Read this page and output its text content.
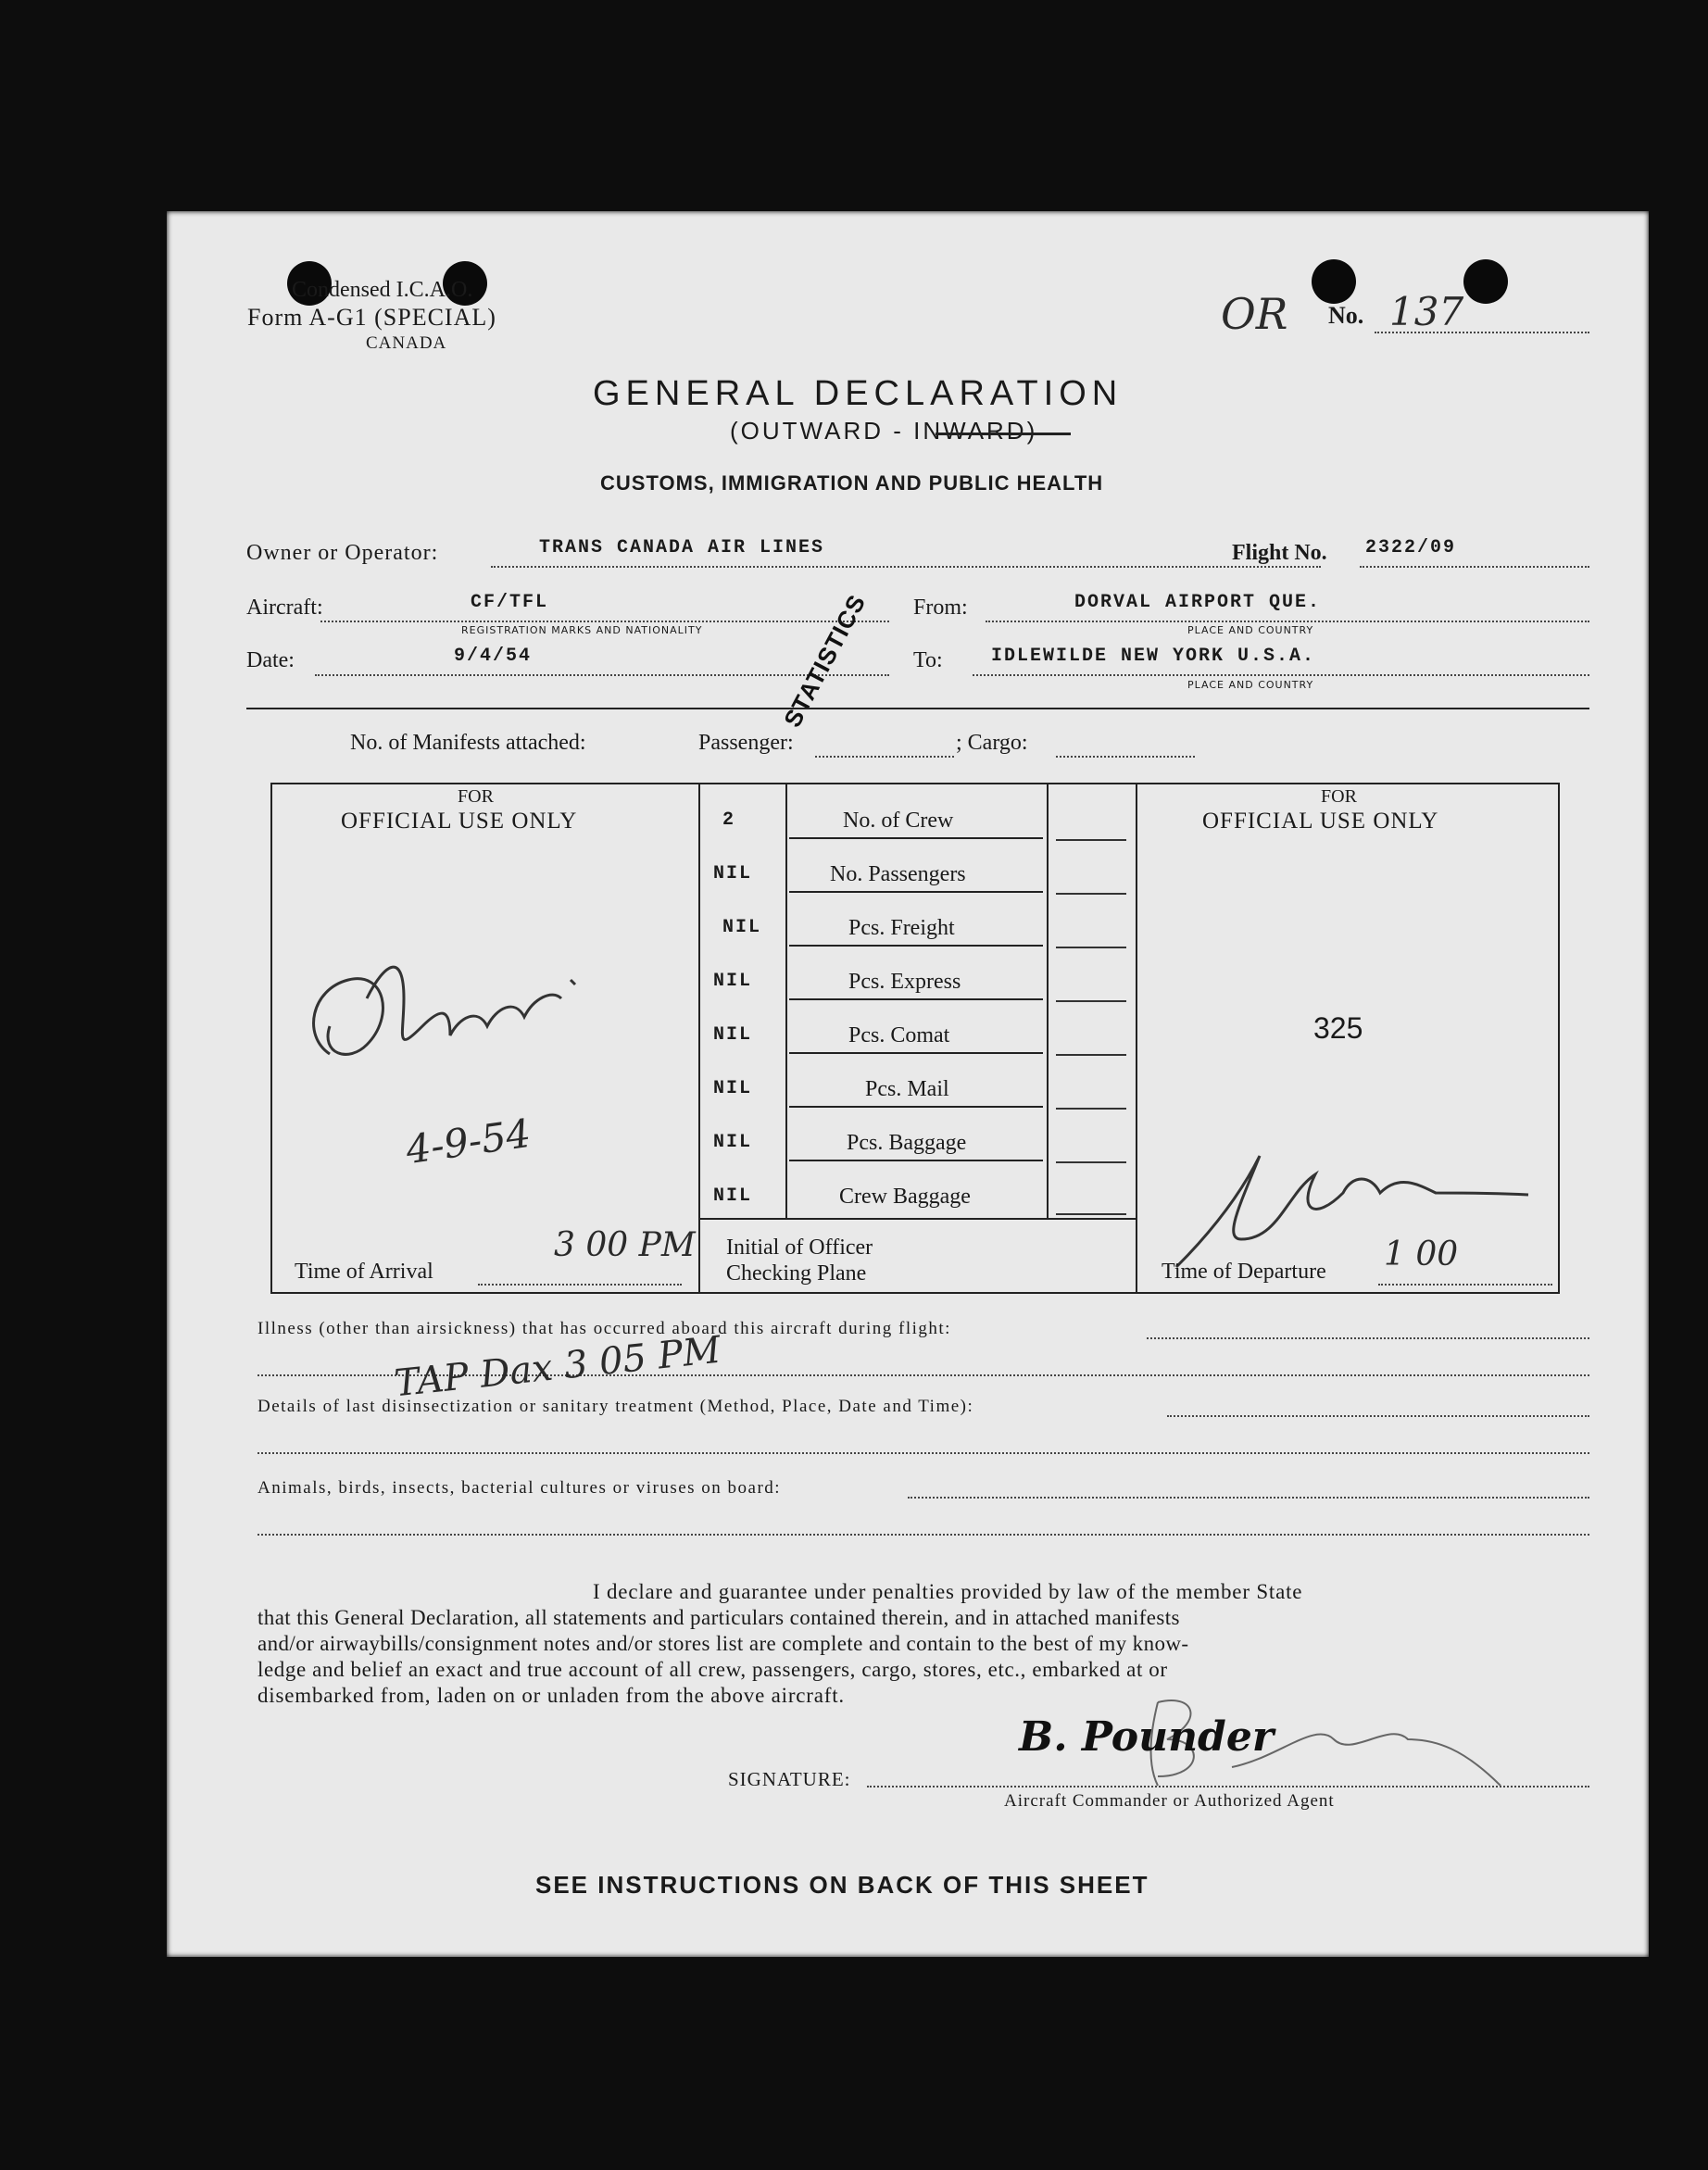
Condensed I.C.A.O.
Form A-G1 (SPECIAL)
CANADA
OR No. 137
GENERAL DECLARATION
(OUTWARD - INWARD)
CUSTOMS, IMMIGRATION AND PUBLIC HEALTH
Owner or Operator:	TRANS CANADA AIR LINES	Flight No. 2322/09
Aircraft:	CF/TFL
REGISTRATION MARKS AND NATIONALITY
From:	DORVAL AIRPORT QUE.
PLACE AND COUNTRY
Date:	9/4/54	To:	IDLEWILDE NEW YORK U.S.A.
PLACE AND COUNTRY
STATISTICS
No. of Manifests attached:	Passenger:	; Cargo:
FOR
OFFICIAL USE ONLY
FOR
OFFICIAL USE ONLY
2	No. of Crew
NIL	No. Passengers
NIL	Pcs. Freight
NIL	Pcs. Express
NIL	Pcs. Comat
NIL	Pcs. Mail
NIL	Pcs. Baggage
NIL	Crew Baggage
4-9-54
Time of Arrival
3 00 PM Initial of Officer
Checking Plane
325
Time of Departure 1 00
Illness (other than airsickness) that has occurred aboard this aircraft during flight:
TAP Dax 3 05 PM
Details of last disinsectization or sanitary treatment (Method, Place, Date and Time):
Animals, birds, insects, bacterial cultures or viruses on board:
I declare and guarantee under penalties provided by law of the member State
that this General Declaration, all statements and particulars contained therein, and in attached manifests
and/or airwaybills/consignment notes and/or stores list are complete and contain to the best of my know-
ledge and belief an exact and true account of all crew, passengers, cargo, stores, etc., embarked at or
disembarked from, laden on or unladen from the above aircraft.
SIGNATURE:
B. Pounder
Aircraft Commander or Authorized Agent
SEE INSTRUCTIONS ON BACK OF THIS SHEET
